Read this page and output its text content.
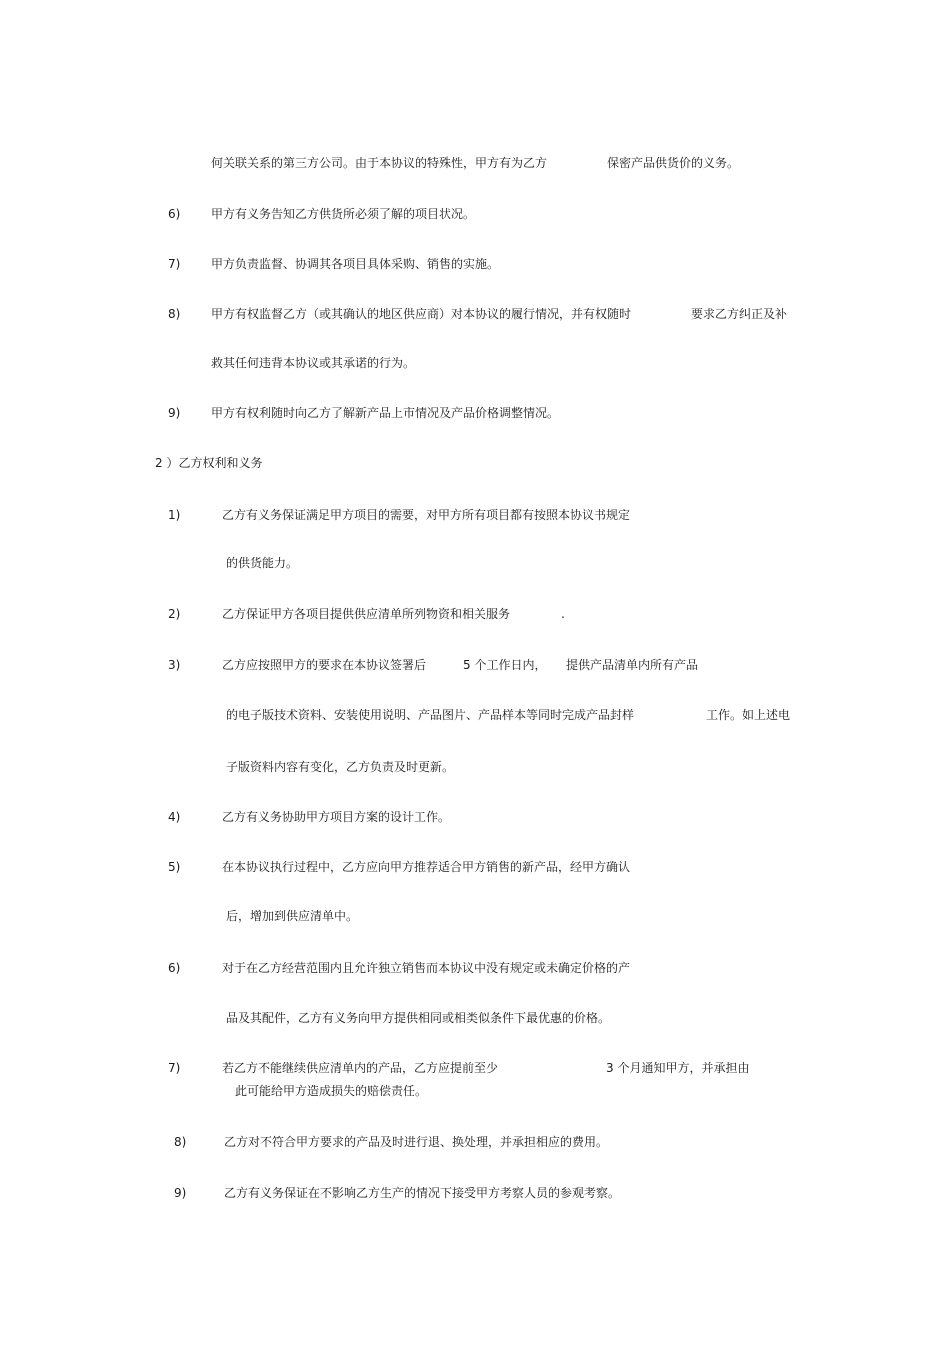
何关联关系的第三方公司。由于本协议的特殊性，甲方有为乙方	保密产品供货价的义务。
6)	甲方有义务告知乙方供货所必须了解的项目状况。
7)	甲方负责监督、协调其各项目具体采购、销售的实施。
8)	甲方有权监督乙方（或其确认的地区供应商）对本协议的履行情况，并有权随时	要求乙方纠正及补
救其任何违背本协议或其承诺的行为。
9)	甲方有权利随时向乙方了解新产品上市情况及产品价格调整情况。
2 ）乙方权利和义务
1)	乙方有义务保证满足甲方项目的需要，对甲方所有项目都有按照本协议书规定
的供货能力。
2)	乙方保证甲方各项目提供供应清单所列物资和相关服务	.
3)	乙方应按照甲方的要求在本协议签署后	5 个工作日内， 提供产品清单内所有产品
的电子版技术资料、安装使用说明、产品图片、产品样本等同时完成产品封样	工作。如上述电
子版资料内容有变化，乙方负责及时更新。
4)	乙方有义务协助甲方项目方案的设计工作。
5)	在本协议执行过程中，乙方应向甲方推荐适合甲方销售的新产品，经甲方确认
后，增加到供应清单中。
6)	对于在乙方经营范围内且允许独立销售而本协议中没有规定或未确定价格的产
品及其配件，乙方有义务向甲方提供相同或相类似条件下最优惠的价格。
7)	若乙方不能继续供应清单内的产品，乙方应提前至少	3 个月通知甲方，并承担由
此可能给甲方造成损失的赔偿责任。
8)	乙方对不符合甲方要求的产品及时进行退、换处理，并承担相应的费用。
9)	乙方有义务保证在不影响乙方生产的情况下接受甲方考察人员的参观考察。
